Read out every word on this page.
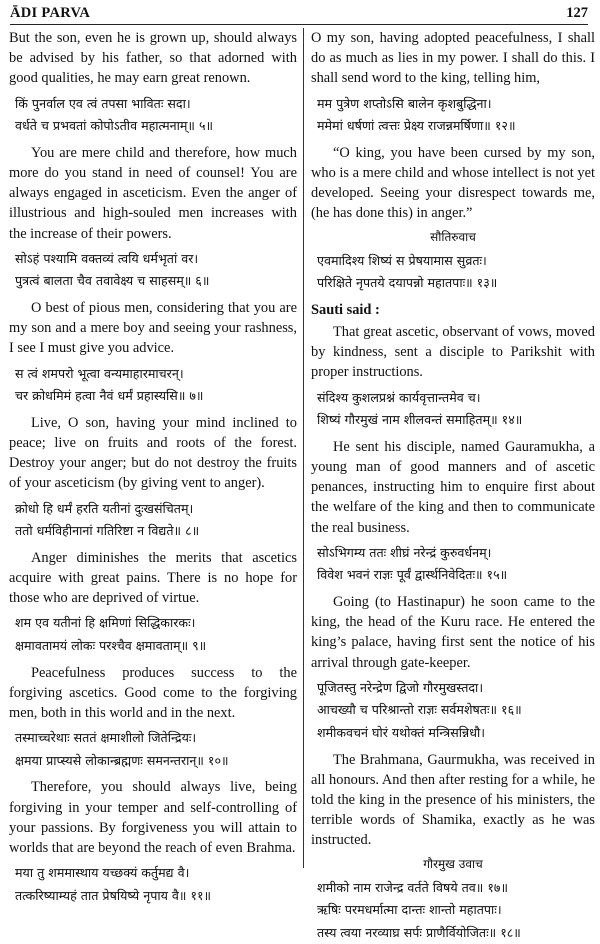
ĀDI PARVA	127

But the son, even he is grown up, should always be advised by his father, so that adorned with good qualities, he may earn great renown.

किं पुनर्वाल एव त्वं तपसा भावितः सदा।

वर्धते च प्रभवतां कोपोऽतीव महात्मनाम्॥ ५॥

You are mere child and therefore, how much more do you stand in need of counsel! You are always engaged in asceticism. Even the anger of illustrious and high-souled men increases with the increase of their powers.

सोऽहं पश्यामि वक्तव्यं त्वयि धर्मभृतां वर।

पुत्रत्वं बालता चैव तवावेक्ष्य च साहसम्॥ ६॥

O best of pious men, considering that you are my son and a mere boy and seeing your rashness, I see I must give you advice.

स त्वं शमपरो भूत्वा वन्यमाहारमाचरन्।

चर क्रोधमिमं हत्वा नैवं धर्मं प्रहास्यसि॥ ७॥

Live, O son, having your mind inclined to peace; live on fruits and roots of the forest. Destroy your anger; but do not destroy the fruits of your asceticism (by giving vent to anger).

क्रोधो हि धर्मं हरति यतीनां दुःखसंचितम्।

ततो धर्मविहीनानां गतिरिष्टा न विद्यते॥ ८॥

Anger diminishes the merits that ascetics acquire with great pains. There is no hope for those who are deprived of virtue.

शम एव यतीनां हि क्षमिणां सिद्धिकारकः।

क्षमावतामयं लोकः परश्चैव क्षमावताम्॥ ९॥

Peacefulness produces success to the forgiving ascetics. Good come to the forgiving men, both in this world and in the next.

तस्माच्चरेथाः सततं क्षमाशीलो जितेन्द्रियः।

क्षमया प्राप्स्यसे लोकान्ब्रह्मणः समनन्तरान्॥ १०॥

Therefore, you should always live, being forgiving in your temper and self-controlling of your passions. By forgiveness you will attain to worlds that are beyond the reach of even Brahma.

मया तु शममास्थाय यच्छक्यं कर्तुमद्य वै।

तत्करिष्याम्यहं तात प्रेषयिष्ये नृपाय वै॥ ११॥

O my son, having adopted peacefulness, I shall do as much as lies in my power. I shall do this. I shall send word to the king, telling him,

मम पुत्रेण शप्तोऽसि बालेन कृशबुद्धिना।

ममेमां धर्षणां त्वत्तः प्रेक्ष्य राजन्नमर्षिणा॥ १२॥

“O king, you have been cursed by my son, who is a mere child and whose intellect is not yet developed. Seeing your disrespect towards me, (he has done this) in anger.”

सौतिरुवाच

एवमादिश्य शिष्यं स प्रेषयामास सुव्रतः।

परिक्षिते नृपतये दयापन्नो महातपाः॥ १३॥

Sauti said :

That great ascetic, observant of vows, moved by kindness, sent a disciple to Parikshit with proper instructions.

संदिश्य कुशलप्रश्नं कार्यवृत्तान्तमेव च।

शिष्यं गौरमुखं नाम शीलवन्तं समाहितम्॥ १४॥

He sent his disciple, named Gauramukha, a young man of good manners and of ascetic penances, instructing him to enquire first about the welfare of the king and then to communicate the real business.

सोऽभिगम्य ततः शीघ्रं नरेन्द्रं कुरुवर्धनम्।

विवेश भवनं राज्ञः पूर्वं द्वार्स्थनिवेदितः॥ १५॥

Going (to Hastinapur) he soon came to the king, the head of the Kuru race. He entered the king’s palace, having first sent the notice of his arrival through gate-keeper.

पूजितस्तु नरेन्द्रेण द्विजो गौरमुखस्तदा।

आचख्यौ च परिश्रान्तो राज्ञः सर्वमशेषतः॥ १६॥

शमीकवचनं घोरं यथोक्तं मन्त्रिसन्निधौ।

The Brahmana, Gaurmukha, was received in all honours. And then after resting for a while, he told the king in the presence of his ministers, the terrible words of Shamika, exactly as he was instructed.

गौरमुख उवाच

शमीको नाम राजेन्द्र वर्तते विषये तव॥ १७॥

ऋषिः परमधर्मात्मा दान्तः शान्तो महातपाः।

तस्य त्वया नरव्याघ्र सर्पः प्राणैर्वियोजितः॥ १८॥
